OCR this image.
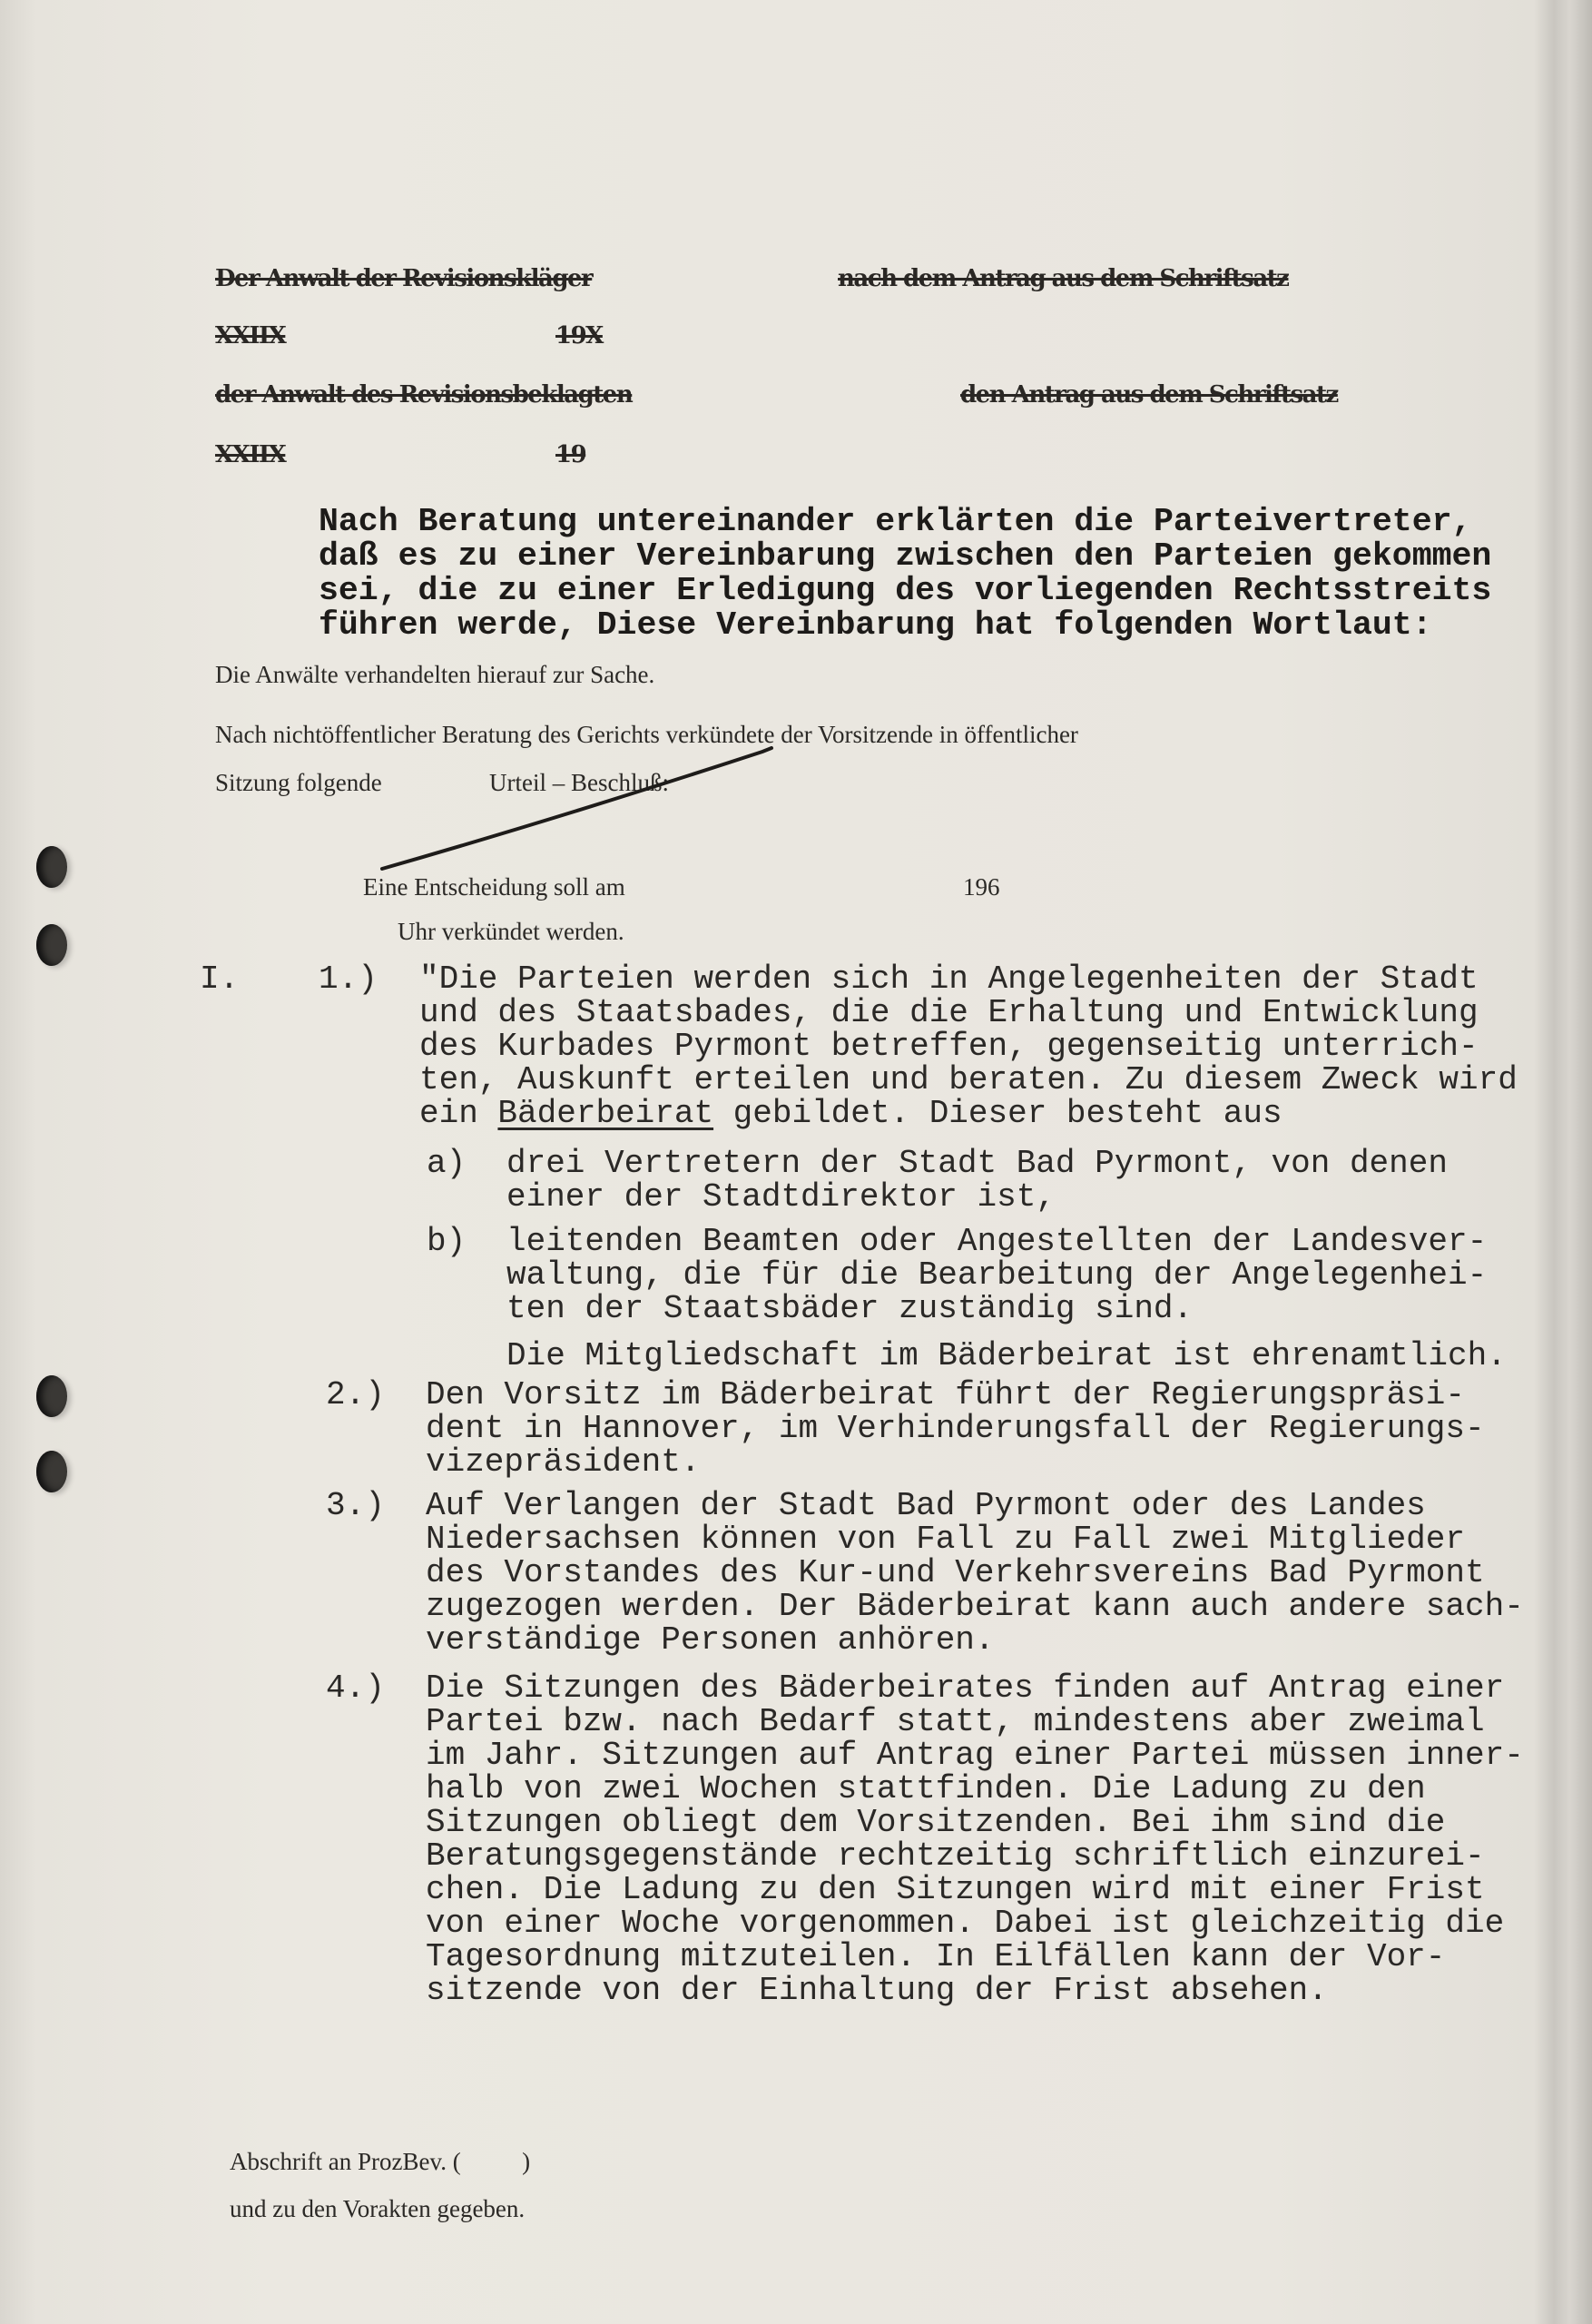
Der Anwalt der Revisionskläger	nach dem Antrag aus dem Schriftsatz
XXIIX	19X
der Anwalt des Revisionsbeklagten	den Antrag aus dem Schriftsatz
XXIIX	19
Nach Beratung untereinander erklärten die Parteivertreter,
daß es zu einer Vereinbarung zwischen den Parteien gekommen
sei, die zu einer Erledigung des vorliegenden Rechtsstreits
führen werde, Diese Vereinbarung hat folgenden Wortlaut:
Die Anwälte verhandelten hierauf zur Sache.
Nach nichtöffentlicher Beratung des Gerichts verkündete der Vorsitzende in öffentlicher
Sitzung folgende	Urteil – Beschluß:
Eine Entscheidung soll am	196
Uhr verkündet werden.
I. 1.) "Die Parteien werden sich in Angelegenheiten der Stadt
und des Staatsbades, die die Erhaltung und Entwicklung
des Kurbades Pyrmont betreffen, gegenseitig unterrich-
ten, Auskunft erteilen und beraten. Zu diesem Zweck wird
ein Bäderbeirat gebildet. Dieser besteht aus
a) drei Vertretern der Stadt Bad Pyrmont, von denen
einer der Stadtdirektor ist,
b) leitenden Beamten oder Angestellten der Landesver-
waltung, die für die Bearbeitung der Angelegenhei-
ten der Staatsbäder zuständig sind.
Die Mitgliedschaft im Bäderbeirat ist ehrenamtlich.
2.) Den Vorsitz im Bäderbeirat führt der Regierungspräsi-
dent in Hannover, im Verhinderungsfall der Regierungs-
vizepräsident.
3.) Auf Verlangen der Stadt Bad Pyrmont oder des Landes
Niedersachsen können von Fall zu Fall zwei Mitglieder
des Vorstandes des Kur-und Verkehrsvereins Bad Pyrmont
zugezogen werden. Der Bäderbeirat kann auch andere sach-
verständige Personen anhören.
4.) Die Sitzungen des Bäderbeirates finden auf Antrag einer
Partei bzw. nach Bedarf statt, mindestens aber zweimal
im Jahr. Sitzungen auf Antrag einer Partei müssen inner-
halb von zwei Wochen stattfinden. Die Ladung zu den
Sitzungen obliegt dem Vorsitzenden. Bei ihm sind die
Beratungsgegenstände rechtzeitig schriftlich einzurei-
chen. Die Ladung zu den Sitzungen wird mit einer Frist
von einer Woche vorgenommen. Dabei ist gleichzeitig die
Tagesordnung mitzuteilen. In Eilfällen kann der Vor-
sitzende von der Einhaltung der Frist absehen.
Abschrift an ProzBev. (          )
und zu den Vorakten gegeben.
